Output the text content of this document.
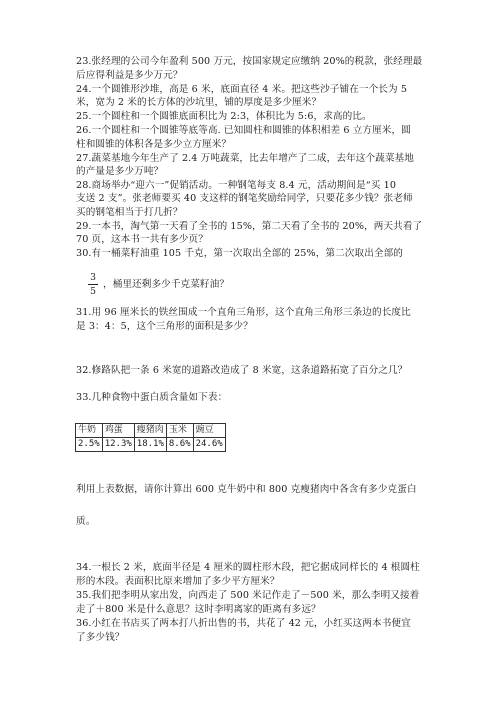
23.张经理的公司今年盈利 500 万元，按国家规定应缴纳 20%的税款，张经理最
后应得利益是多少万元？
24.一个圆锥形沙堆，高是 6 米，底面直径 4 米。把这些沙子铺在一个长为 5
米，宽为 2 米的长方体的沙坑里，铺的厚度是多少厘米？
25.一个圆柱和一个圆锥底面积比为 2:3，体积比为 5:6，求高的比。
26.一个圆柱和一个圆锥等底等高. 已知圆柱和圆锥的体积相差 6 立方厘米，圆
柱和圆锥的体积各是多少立方厘米？
27.蔬菜基地今年生产了 2.4 万吨蔬菜，比去年增产了二成，去年这个蔬菜基地
的产量是多少万吨？
28.商场举办“迎六一”促销活动。一种钢笔每支 8.4 元，活动期间是“买 10
支送 2 支”。张老师要买 40 支这样的钢笔奖励给同学，只要花多少钱？张老师
买的钢笔相当于打几折？
29.一本书，淘气第一天看了全书的 15%，第二天看了全书的 20%，两天共看了
70 页，这本书一共有多少页？
30.有一桶菜籽油重 105 千克，第一次取出全部的 25%，第二次取出全部的
3
5
，桶里还剩多少千克菜籽油？
31.用 96 厘米长的铁丝围成一个直角三角形，这个直角三角形三条边的长度比
是 3：4：5，这个三角形的面积是多少？
32.修路队把一条 6 米宽的道路改造成了 8 米宽，这条道路拓宽了百分之几？
33.几种食物中蛋白质含量如下表：
牛奶	鸡蛋	瘦猪肉	玉米	豌豆
2.5%	12.3%	18.1%	8.6%	24.6%
利用上表数据，请你计算出 600 克牛奶中和 800 克瘦猪肉中各含有多少克蛋白
质。
34.一根长 2 米，底面半径是 4 厘米的圆柱形木段，把它据成同样长的 4 根圆柱
形的木段。表面积比原来增加了多少平方厘米？
35.我们把李明从家出发，向西走了 500 米记作走了－500 米，那么李明又接着
走了＋800 米是什么意思？这时李明离家的距离有多远？
36.小红在书店买了两本打八折出售的书，共花了 42 元，小红买这两本书便宜
了多少钱？
